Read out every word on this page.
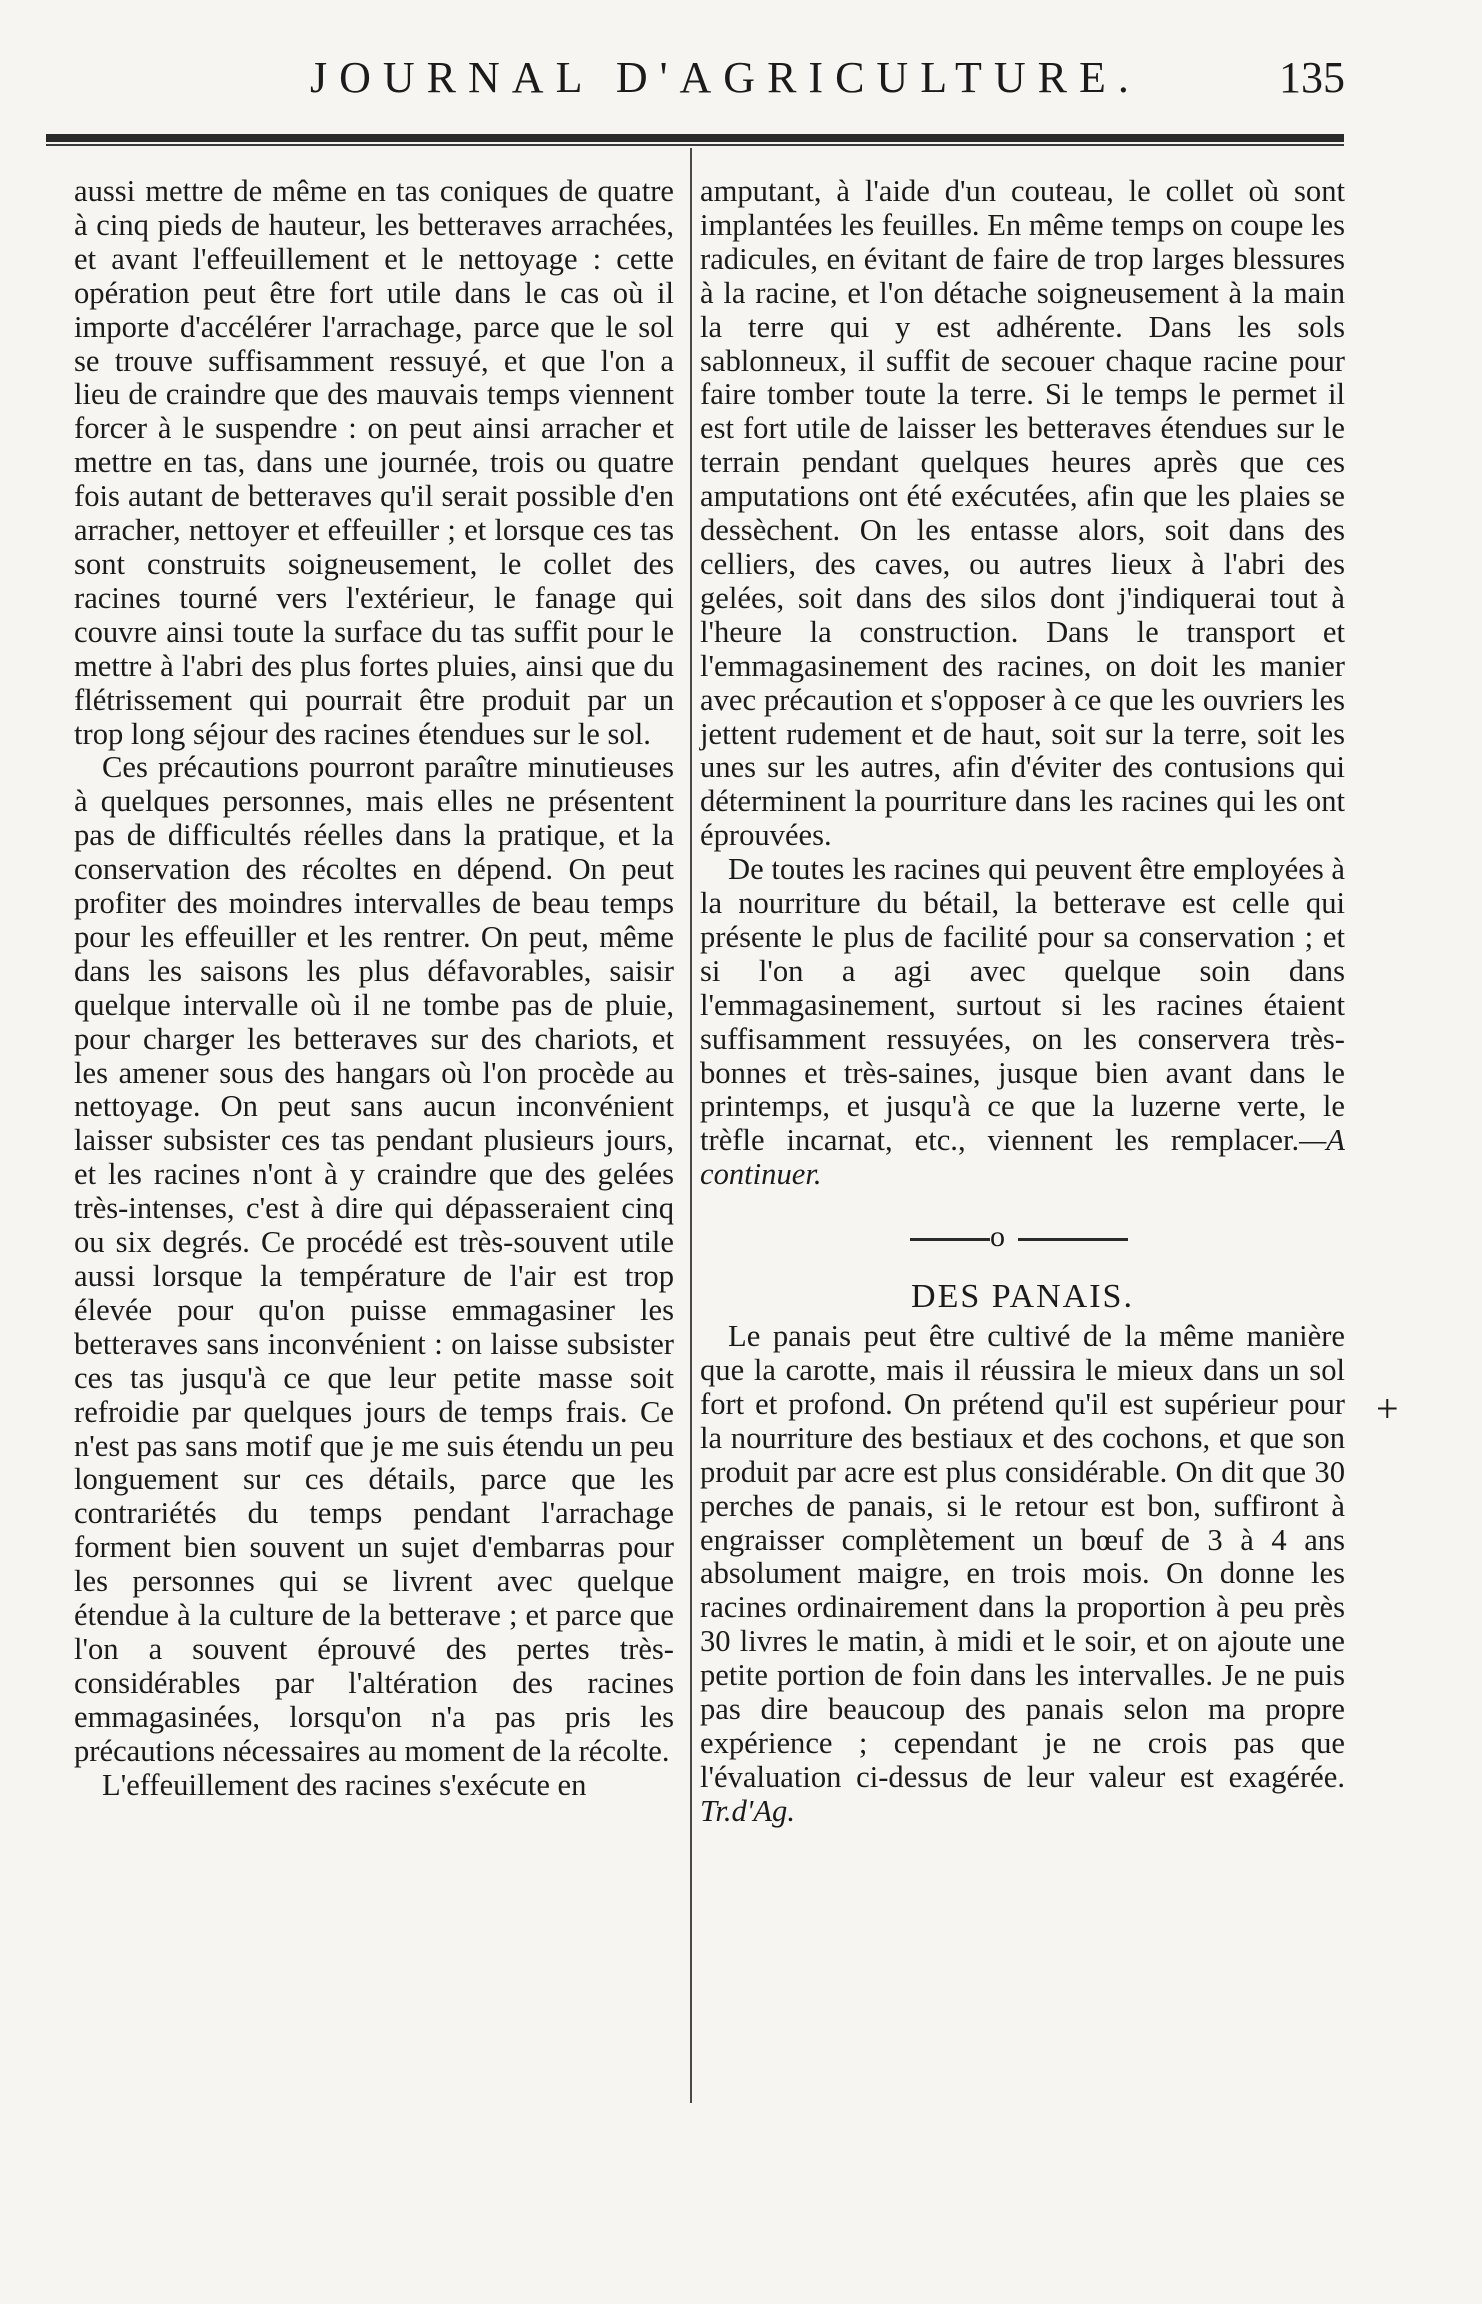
JOURNAL D'AGRICULTURE.	135

aussi mettre de même en tas coniques de quatre à cinq pieds de hauteur, les betteraves arrachées, et avant l'effeuillement et le nettoyage : cette opération peut être fort utile dans le cas où il importe d'accélérer l'arrachage, parce que le sol se trouve suffisamment ressuyé, et que l'on a lieu de craindre que des mauvais temps viennent forcer à le suspendre : on peut ainsi arracher et mettre en tas, dans une journée, trois ou quatre fois autant de betteraves qu'il serait possible d'en arracher, nettoyer et effeuiller ; et lorsque ces tas sont construits soigneusement, le collet des racines tourné vers l'extérieur, le fanage qui couvre ainsi toute la surface du tas suffit pour le mettre à l'abri des plus fortes pluies, ainsi que du flétrissement qui pourrait être produit par un trop long séjour des racines étendues sur le sol.

Ces précautions pourront paraître minutieuses à quelques personnes, mais elles ne présentent pas de difficultés réelles dans la pratique, et la conservation des récoltes en dépend. On peut profiter des moindres intervalles de beau temps pour les effeuiller et les rentrer. On peut, même dans les saisons les plus défavorables, saisir quelque intervalle où il ne tombe pas de pluie, pour charger les betteraves sur des chariots, et les amener sous des hangars où l'on procède au nettoyage. On peut sans aucun inconvénient laisser subsister ces tas pendant plusieurs jours, et les racines n'ont à y craindre que des gelées très-intenses, c'est à dire qui dépasseraient cinq ou six degrés. Ce procédé est très-souvent utile aussi lorsque la température de l'air est trop élevée pour qu'on puisse emmagasiner les betteraves sans inconvénient : on laisse subsister ces tas jusqu'à ce que leur petite masse soit refroidie par quelques jours de temps frais. Ce n'est pas sans motif que je me suis étendu un peu longuement sur ces détails, parce que les contrariétés du temps pendant l'arrachage forment bien souvent un sujet d'embarras pour les personnes qui se livrent avec quelque étendue à la culture de la betterave ; et parce que l'on a souvent éprouvé des pertes très-considérables par l'altération des racines emmagasinées, lorsqu'on n'a pas pris les précautions nécessaires au moment de la récolte.

L'effeuillement des racines s'exécute en

amputant, à l'aide d'un couteau, le collet où sont implantées les feuilles. En même temps on coupe les radicules, en évitant de faire de trop larges blessures à la racine, et l'on détache soigneusement à la main la terre qui y est adhérente. Dans les sols sablonneux, il suffit de secouer chaque racine pour faire tomber toute la terre. Si le temps le permet il est fort utile de laisser les betteraves étendues sur le terrain pendant quelques heures après que ces amputations ont été exécutées, afin que les plaies se dessèchent. On les entasse alors, soit dans des celliers, des caves, ou autres lieux à l'abri des gelées, soit dans des silos dont j'indiquerai tout à l'heure la construction. Dans le transport et l'emmagasinement des racines, on doit les manier avec précaution et s'opposer à ce que les ouvriers les jettent rudement et de haut, soit sur la terre, soit les unes sur les autres, afin d'éviter des contusions qui déterminent la pourriture dans les racines qui les ont éprouvées.

De toutes les racines qui peuvent être employées à la nourriture du bétail, la betterave est celle qui présente le plus de facilité pour sa conservation ; et si l'on a agi avec quelque soin dans l'emmagasinement, surtout si les racines étaient suffisamment ressuyées, on les conservera très-bonnes et très-saines, jusque bien avant dans le printemps, et jusqu'à ce que la luzerne verte, le trèfle incarnat, etc., viennent les remplacer.—A continuer.

o
DES PANAIS.

Le panais peut être cultivé de la même manière que la carotte, mais il réussira le mieux dans un sol fort et profond. On prétend qu'il est supérieur pour la nourriture des bestiaux et des cochons, et que son produit par acre est plus considérable. On dit que 30 perches de panais, si le retour est bon, suffiront à engraisser complètement un bœuf de 3 à 4 ans absolument maigre, en trois mois. On donne les racines ordinairement dans la proportion à peu près 30 livres le matin, à midi et le soir, et on ajoute une petite portion de foin dans les intervalles. Je ne puis pas dire beaucoup des panais selon ma propre expérience ; cependant je ne crois pas que l'évaluation ci-dessus de leur valeur est exagérée. Tr.d'Ag.

+
